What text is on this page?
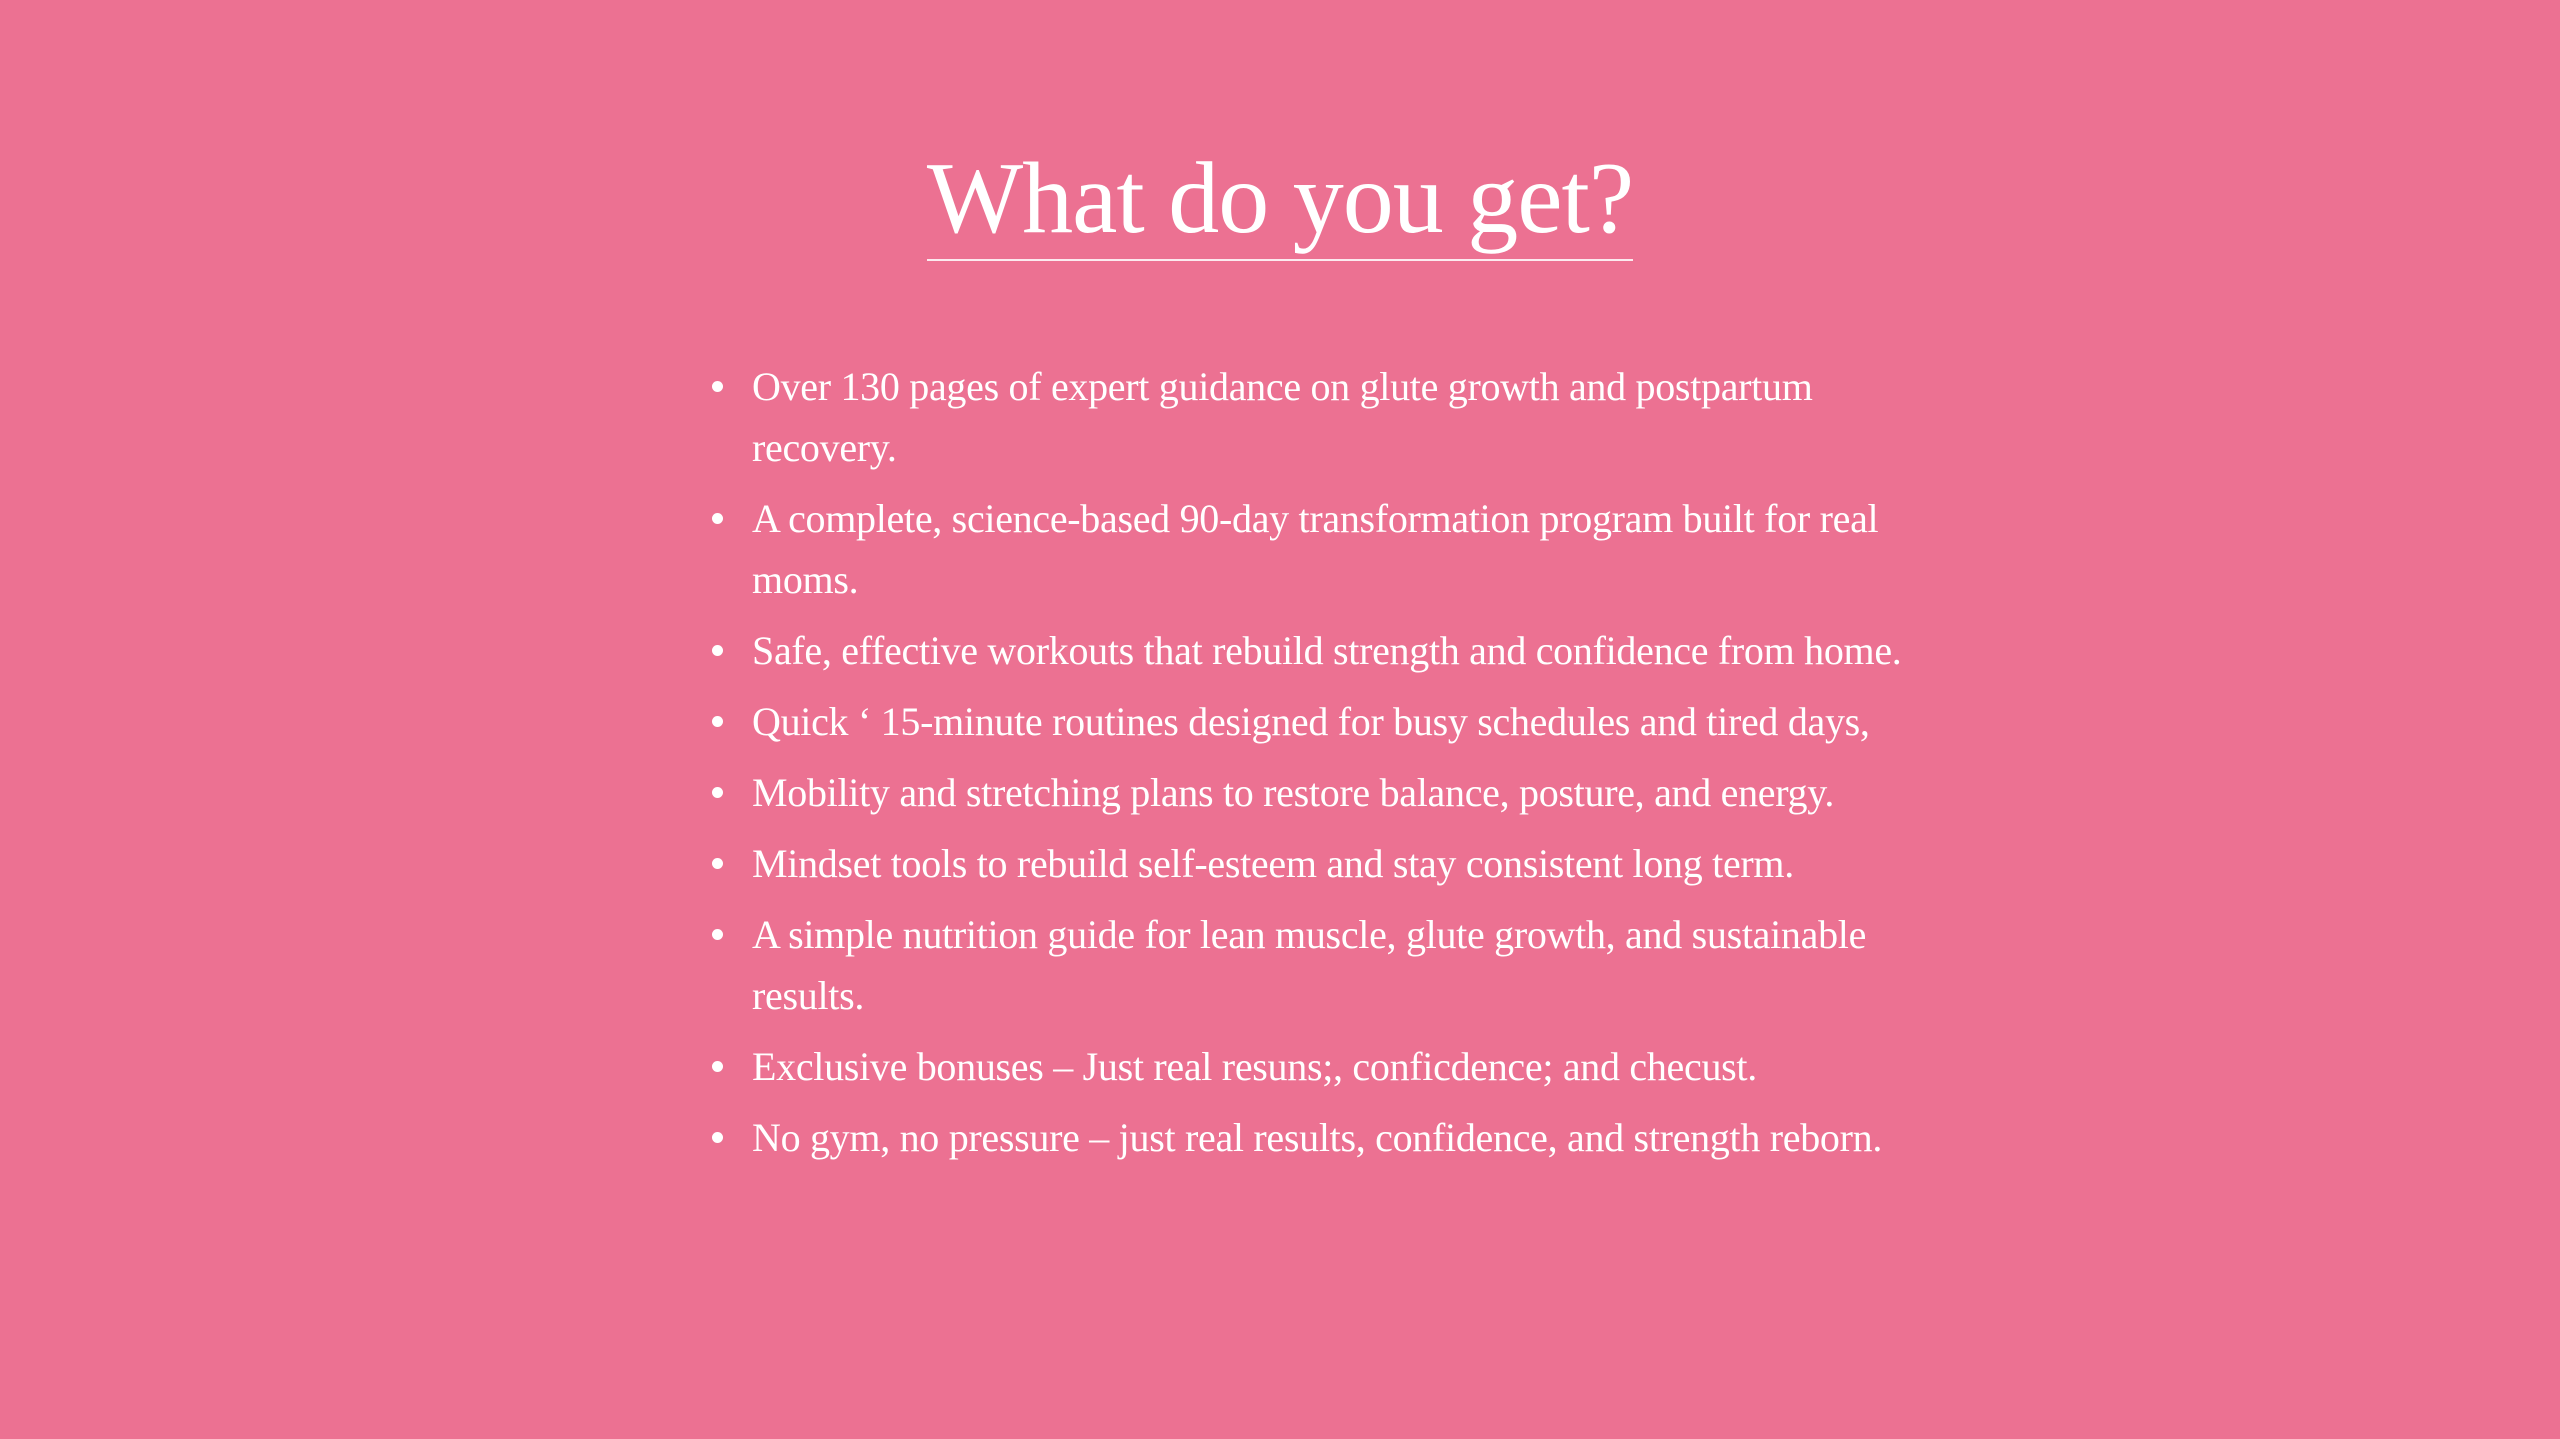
What do you get?
Over 130 pages of expert guidance on glute growth and postpartum recovery.
A complete, science-based 90-day transformation program built for real moms.
Safe, effective workouts that rebuild strength and confidence from home.
Quick ‘ 15-minute routines designed for busy schedules and tired days,
Mobility and stretching plans to restore balance, posture, and energy.
Mindset tools to rebuild self-esteem and stay consistent long term.
A simple nutrition guide for lean muscle, glute growth, and sustainable results.
Exclusive bonuses – Just real resuns;, conficdence; and checust.
No gym, no pressure – just real results, confidence, and strength reborn.
